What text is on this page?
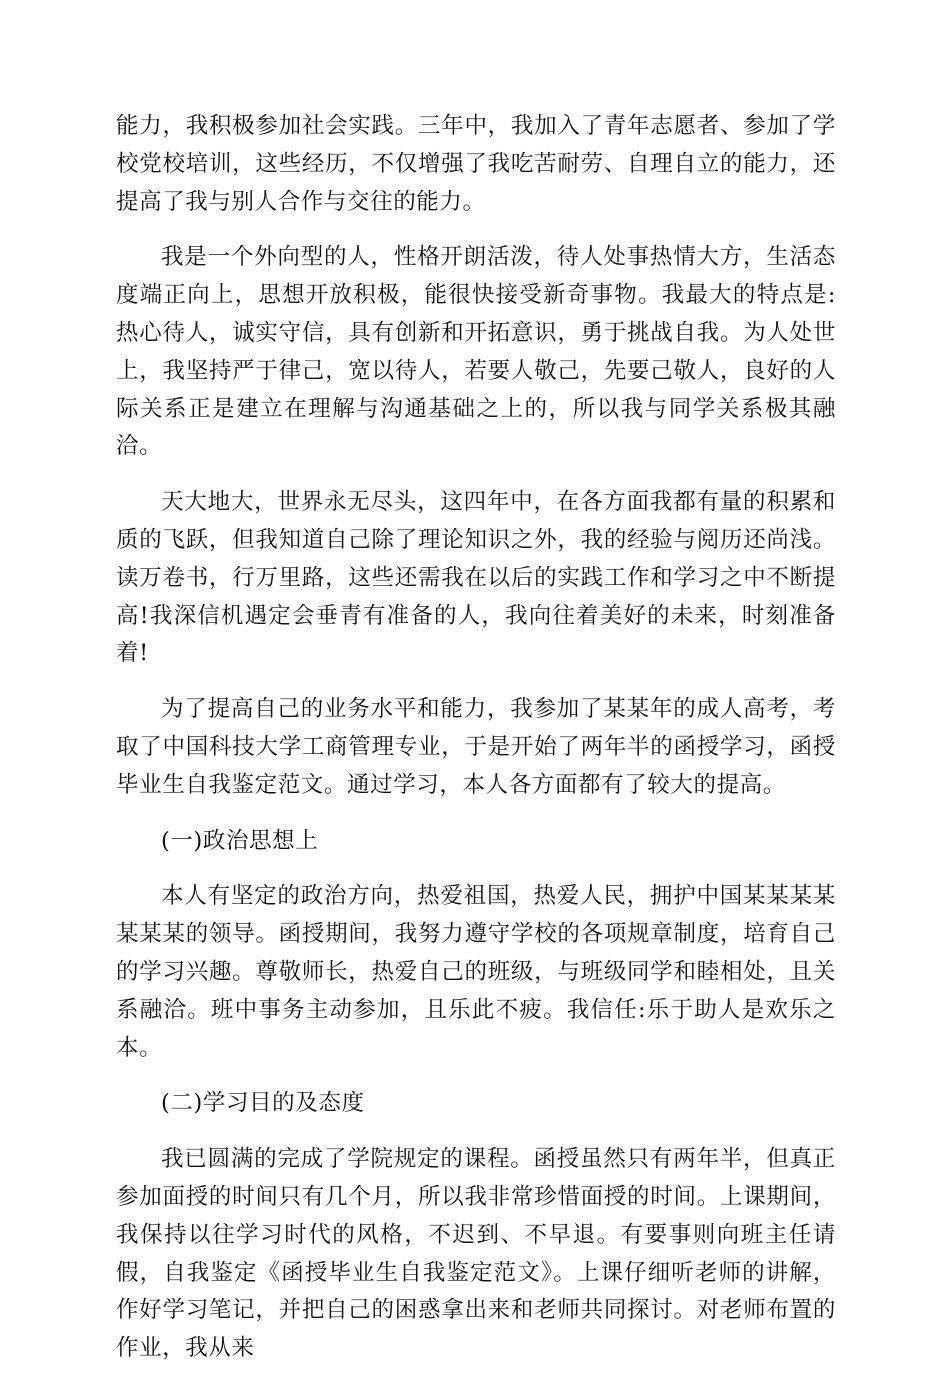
能力，我积极参加社会实践。三年中，我加入了青年志愿者、参加了学校党校培训，这些经历，不仅增强了我吃苦耐劳、自理自立的能力，还提高了我与别人合作与交往的能力。

我是一个外向型的人，性格开朗活泼，待人处事热情大方，生活态度端正向上，思想开放积极，能很快接受新奇事物。我最大的特点是:热心待人，诚实守信，具有创新和开拓意识，勇于挑战自我。为人处世上，我坚持严于律己，宽以待人，若要人敬己，先要己敬人，良好的人际关系正是建立在理解与沟通基础之上的，所以我与同学关系极其融洽。

天大地大，世界永无尽头，这四年中，在各方面我都有量的积累和质的飞跃，但我知道自己除了理论知识之外，我的经验与阅历还尚浅。读万卷书，行万里路，这些还需我在以后的实践工作和学习之中不断提高!我深信机遇定会垂青有准备的人，我向往着美好的未来，时刻准备着!

为了提高自己的业务水平和能力，我参加了某某年的成人高考，考取了中国科技大学工商管理专业，于是开始了两年半的函授学习，函授毕业生自我鉴定范文。通过学习，本人各方面都有了较大的提高。

(一)政治思想上

本人有坚定的政治方向，热爱祖国，热爱人民，拥护中国某某某某某某某的领导。函授期间，我努力遵守学校的各项规章制度，培育自己的学习兴趣。尊敬师长，热爱自己的班级，与班级同学和睦相处，且关系融洽。班中事务主动参加，且乐此不疲。我信任:乐于助人是欢乐之本。

(二)学习目的及态度

我已圆满的完成了学院规定的课程。函授虽然只有两年半，但真正参加面授的时间只有几个月，所以我非常珍惜面授的时间。上课期间，我保持以往学习时代的风格，不迟到、不早退。有要事则向班主任请假，自我鉴定《函授毕业生自我鉴定范文》。上课仔细听老师的讲解，作好学习笔记，并把自己的困惑拿出来和老师共同探讨。对老师布置的作业，我从来
